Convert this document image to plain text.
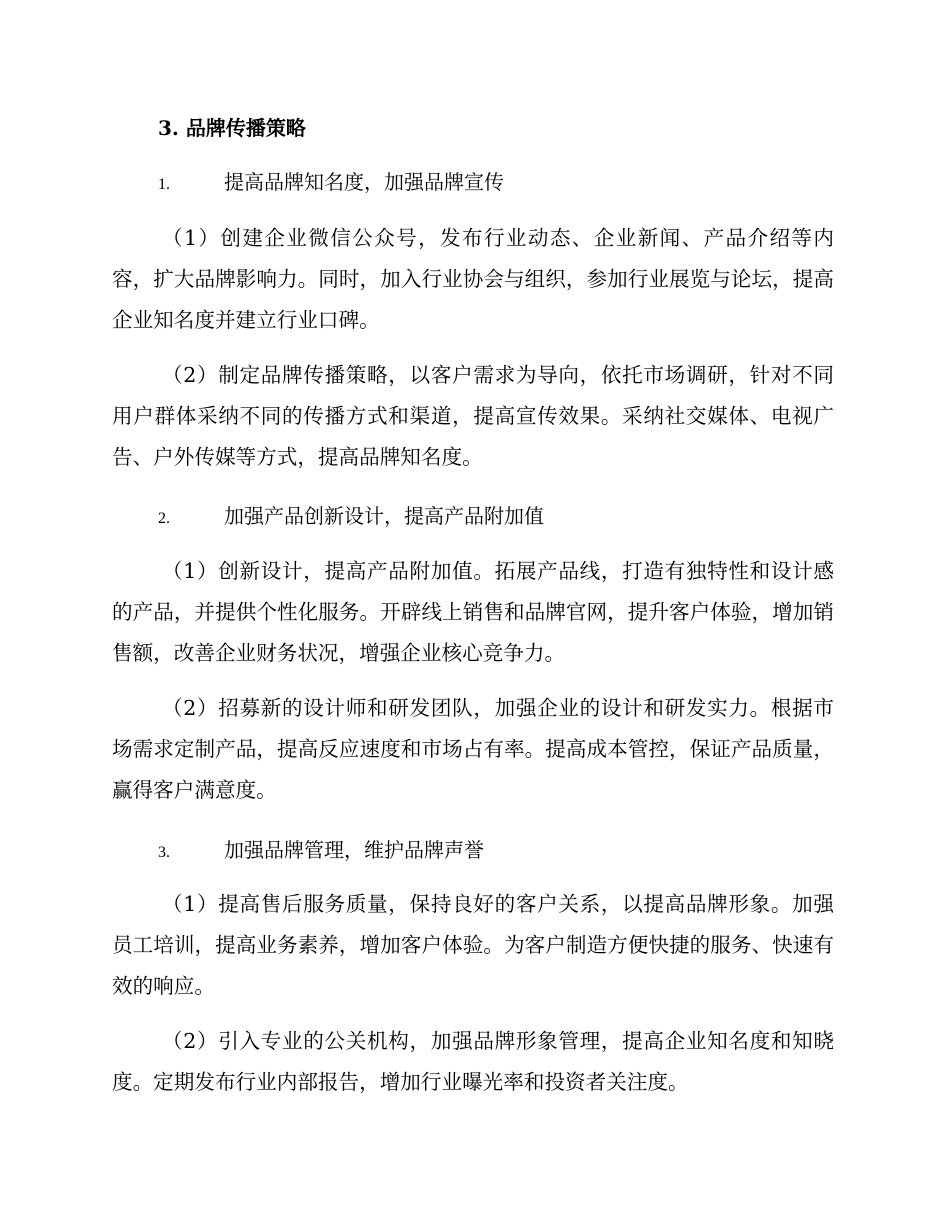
3. 品牌传播策略
1.	提高品牌知名度，加强品牌宣传
（1）创建企业微信公众号，发布行业动态、企业新闻、产品介绍等内容，扩大品牌影响力。同时，加入行业协会与组织，参加行业展览与论坛，提高企业知名度并建立行业口碑。
（2）制定品牌传播策略，以客户需求为导向，依托市场调研，针对不同用户群体采纳不同的传播方式和渠道，提高宣传效果。采纳社交媒体、电视广告、户外传媒等方式，提高品牌知名度。
2.	加强产品创新设计，提高产品附加值
（1）创新设计，提高产品附加值。拓展产品线，打造有独特性和设计感的产品，并提供个性化服务。开辟线上销售和品牌官网，提升客户体验，增加销售额，改善企业财务状况，增强企业核心竞争力。
（2）招募新的设计师和研发团队，加强企业的设计和研发实力。根据市场需求定制产品，提高反应速度和市场占有率。提高成本管控，保证产品质量，赢得客户满意度。
3.	加强品牌管理，维护品牌声誉
（1）提高售后服务质量，保持良好的客户关系，以提高品牌形象。加强员工培训，提高业务素养，增加客户体验。为客户制造方便快捷的服务、快速有效的响应。
（2）引入专业的公关机构，加强品牌形象管理，提高企业知名度和知晓度。定期发布行业内部报告，增加行业曝光率和投资者关注度。
